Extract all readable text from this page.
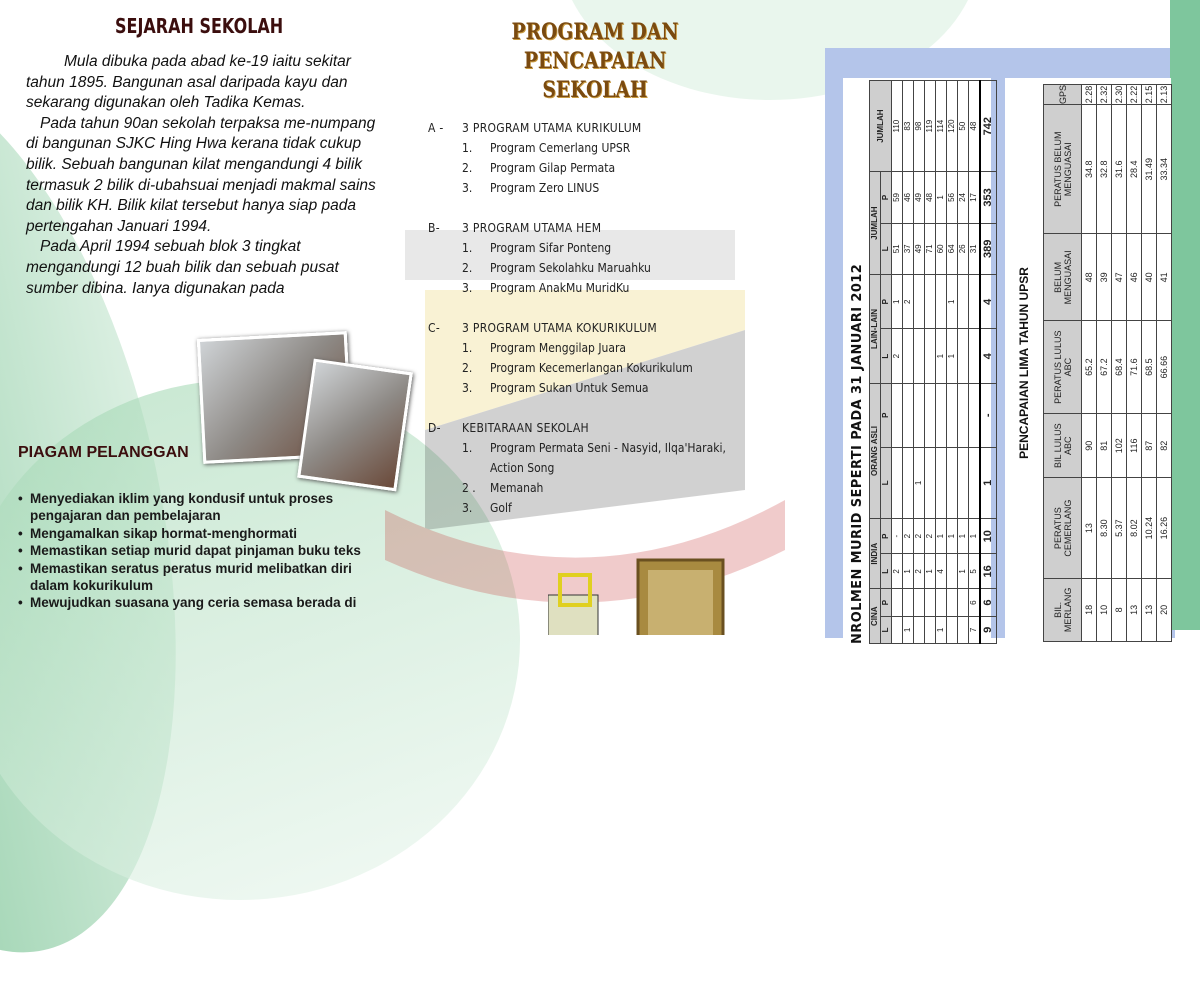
SEJARAH SEKOLAH

Mula dibuka pada abad ke-19 iaitu sekitar tahun 1895. Bangunan asal daripada kayu dan sekarang digunakan oleh Tadika Kemas.

Pada tahun 90an sekolah terpaksa me-numpang di bangunan SJKC Hing Hwa kerana tidak cukup bilik. Sebuah bangunan kilat mengandungi 4 bilik termasuk 2 bilik di-ubahsuai menjadi makmal sains dan bilik KH. Bilik kilat tersebut hanya siap pada pertengahan Januari 1994.

Pada April 1994 sebuah blok 3 tingkat mengandungi 12 buah bilik dan sebuah pusat sumber dibina. Ianya digunakan pada

PIAGAM PELANGGAN
• Menyediakan iklim yang kondusif untuk proses pengajaran dan pembelajaran
• Mengamalkan sikap hormat-menghormati
• Memastikan setiap murid dapat pinjaman buku teks
• Memastikan seratus peratus murid melibatkan diri dalam kokurikulum
• Mewujudkan suasana yang ceria semasa berada di
PROGRAM DAN PENCAPAIAN
SEKOLAH
A -	3 PROGRAM UTAMA KURIKULUM
1.	Program Cemerlang UPSR
2.	Program Gilap Permata
3.	Program Zero LINUS
B-	3 PROGRAM UTAMA HEM
1.	Program Sifar Ponteng
2.	Program Sekolahku Maruahku
3.	Program AnakMu MuridKu
C-	3 PROGRAM UTAMA KOKURIKULUM
1.	Program Menggilap Juara
2.	Program Kecemerlangan Kokurikulum
3.	Program Sukan Untuk Semua
D-	KEBITARAAN SEKOLAH
1.	Program Permata Seni - Nasyid, Ilqa'Haraki, Action Song
2 .	Memanah
3.	Golf	NROLMEN MURID SEPERTI PADA 31 JANUARI 2012 CINA		INDIA		ORANG ASLI		LAIN-LAIN		JUMLAH		JUMLAH
L	P	L	P	L	P	L	P	L	P	
		2	-			2	1	51	59	110
1		1	2				2	37	46	83
		2	2	1				49	49	98
		1	2					71	48	119
1		4	1			1		60	1	114
			1			1	1	64	56	120
		1	1					26	24	50
7	6	5	1					31	17	48
9	6	16	10	1	-	4	4	389	353	742
PENCAPAIAN LIMA TAHUN UPSR
BIL. MERLANG	PERATUS CEMERLANG	BIL LULUS ABC	PERATUS LULUS ABC	BELUM MENGUASAI	PERATUS BELUM MENGUASAI	GPS
18	13	90	65.2	48	34.8	2.28
10	8.30	81	67.2	39	32.8	2.32
8	5.37	102	68.4	47	31.6	2.30
13	8.02	116	71.6	46	28.4	2.22
13	10.24	87	68.5	40	31.49	2.15
20	16.26	82	66.66	41	33.34	2.13
